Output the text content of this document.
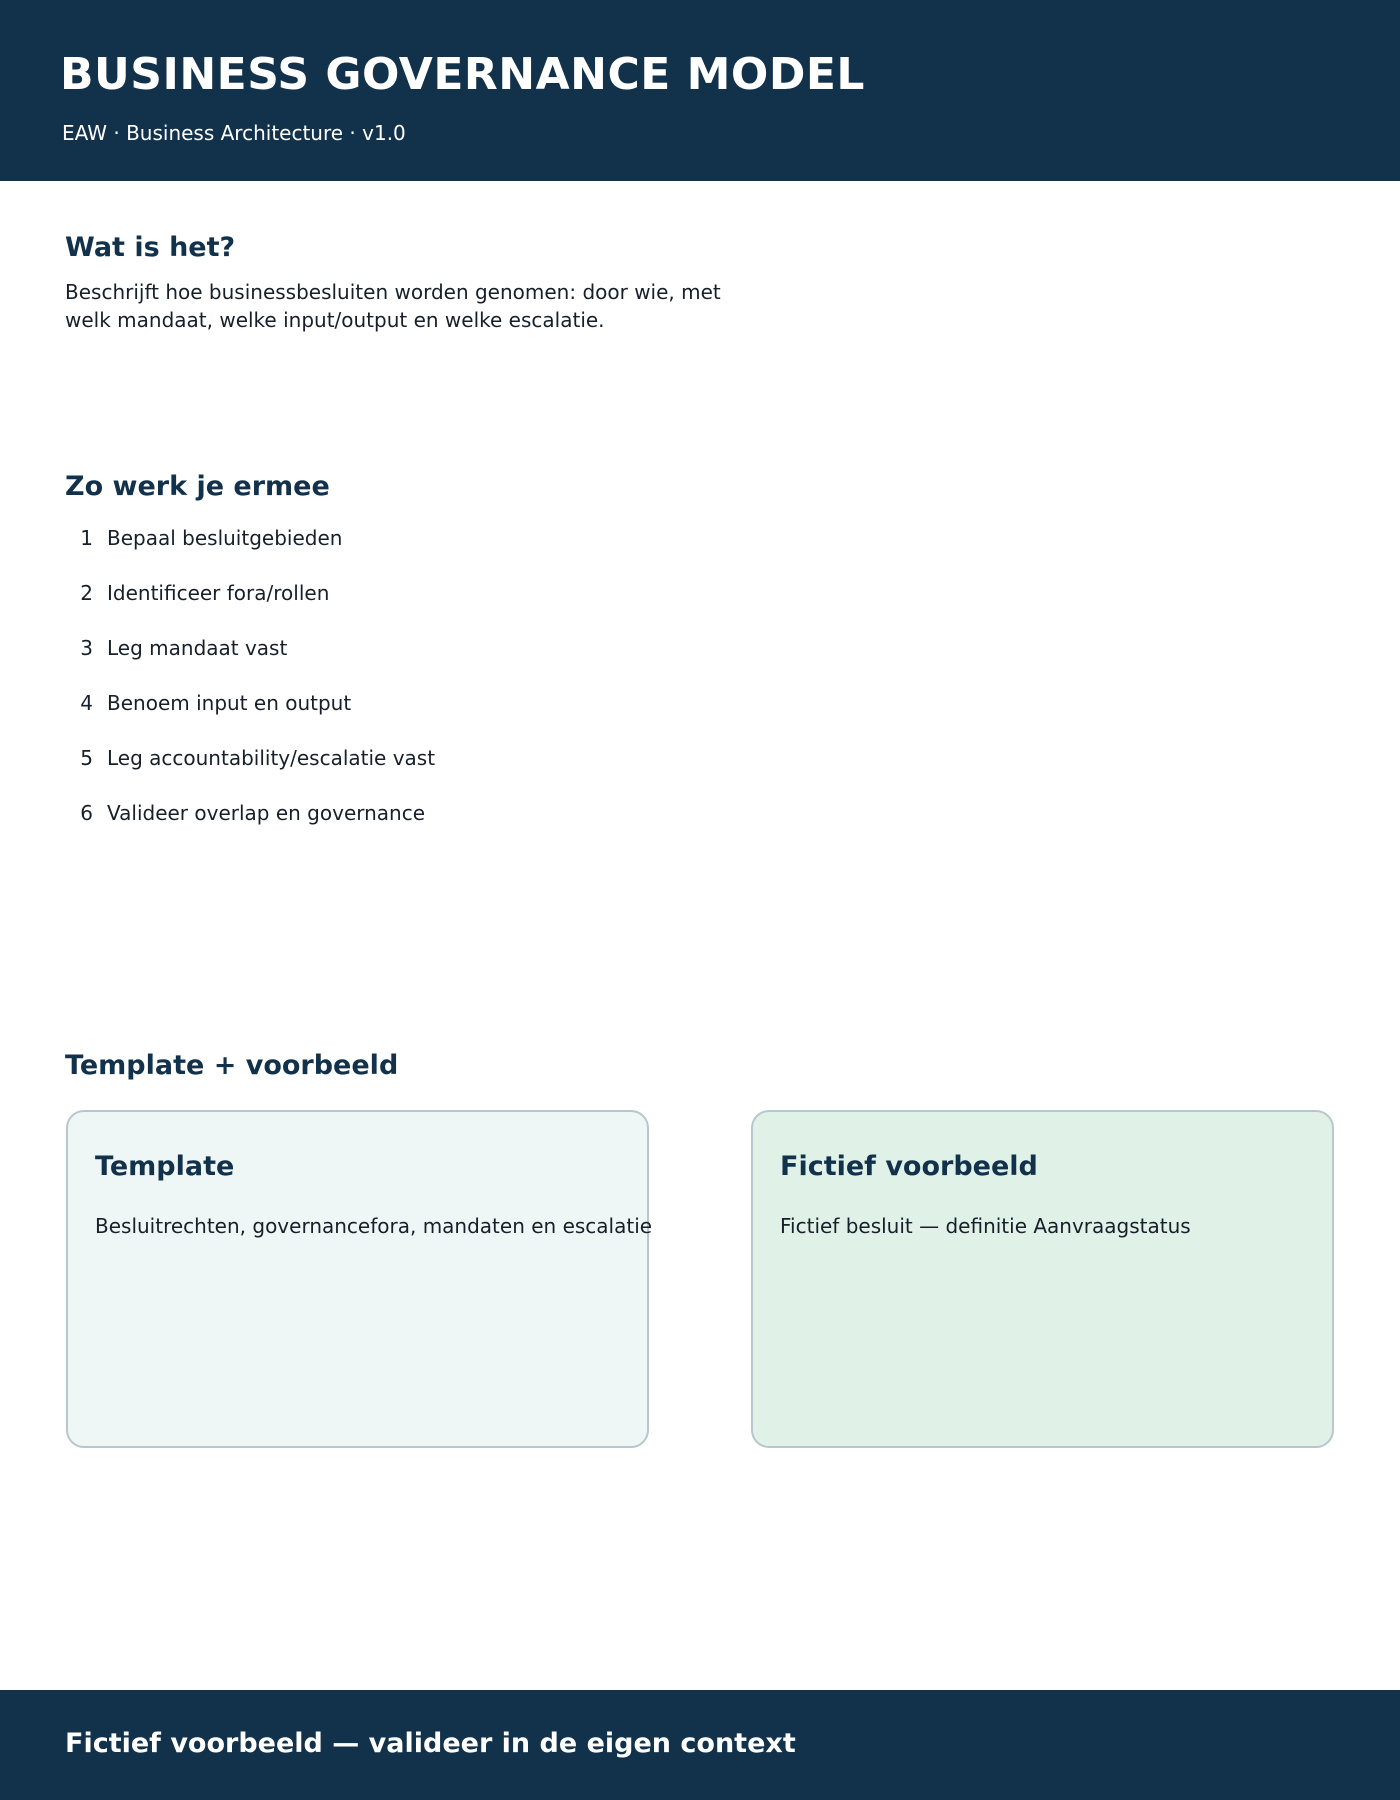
BUSINESS GOVERNANCE MODEL
EAW · Business Architecture · v1.0
Wat is het?

Beschrijft hoe businessbesluiten worden genomen: door wie, met welk mandaat, welke input/output en welke escalatie.

Zo werk je ermee
1 Bepaal besluitgebieden
2 Identificeer fora/rollen
3 Leg mandaat vast
4 Benoem input en output
5 Leg accountability/escalatie vast
6 Valideer overlap en governance
Template + voorbeeld
Template

Besluitrechten, governancefora, mandaten en escalatie

Fictief voorbeeld

Fictief besluit — definitie Aanvraagstatus

Fictief voorbeeld — valideer in de eigen context
